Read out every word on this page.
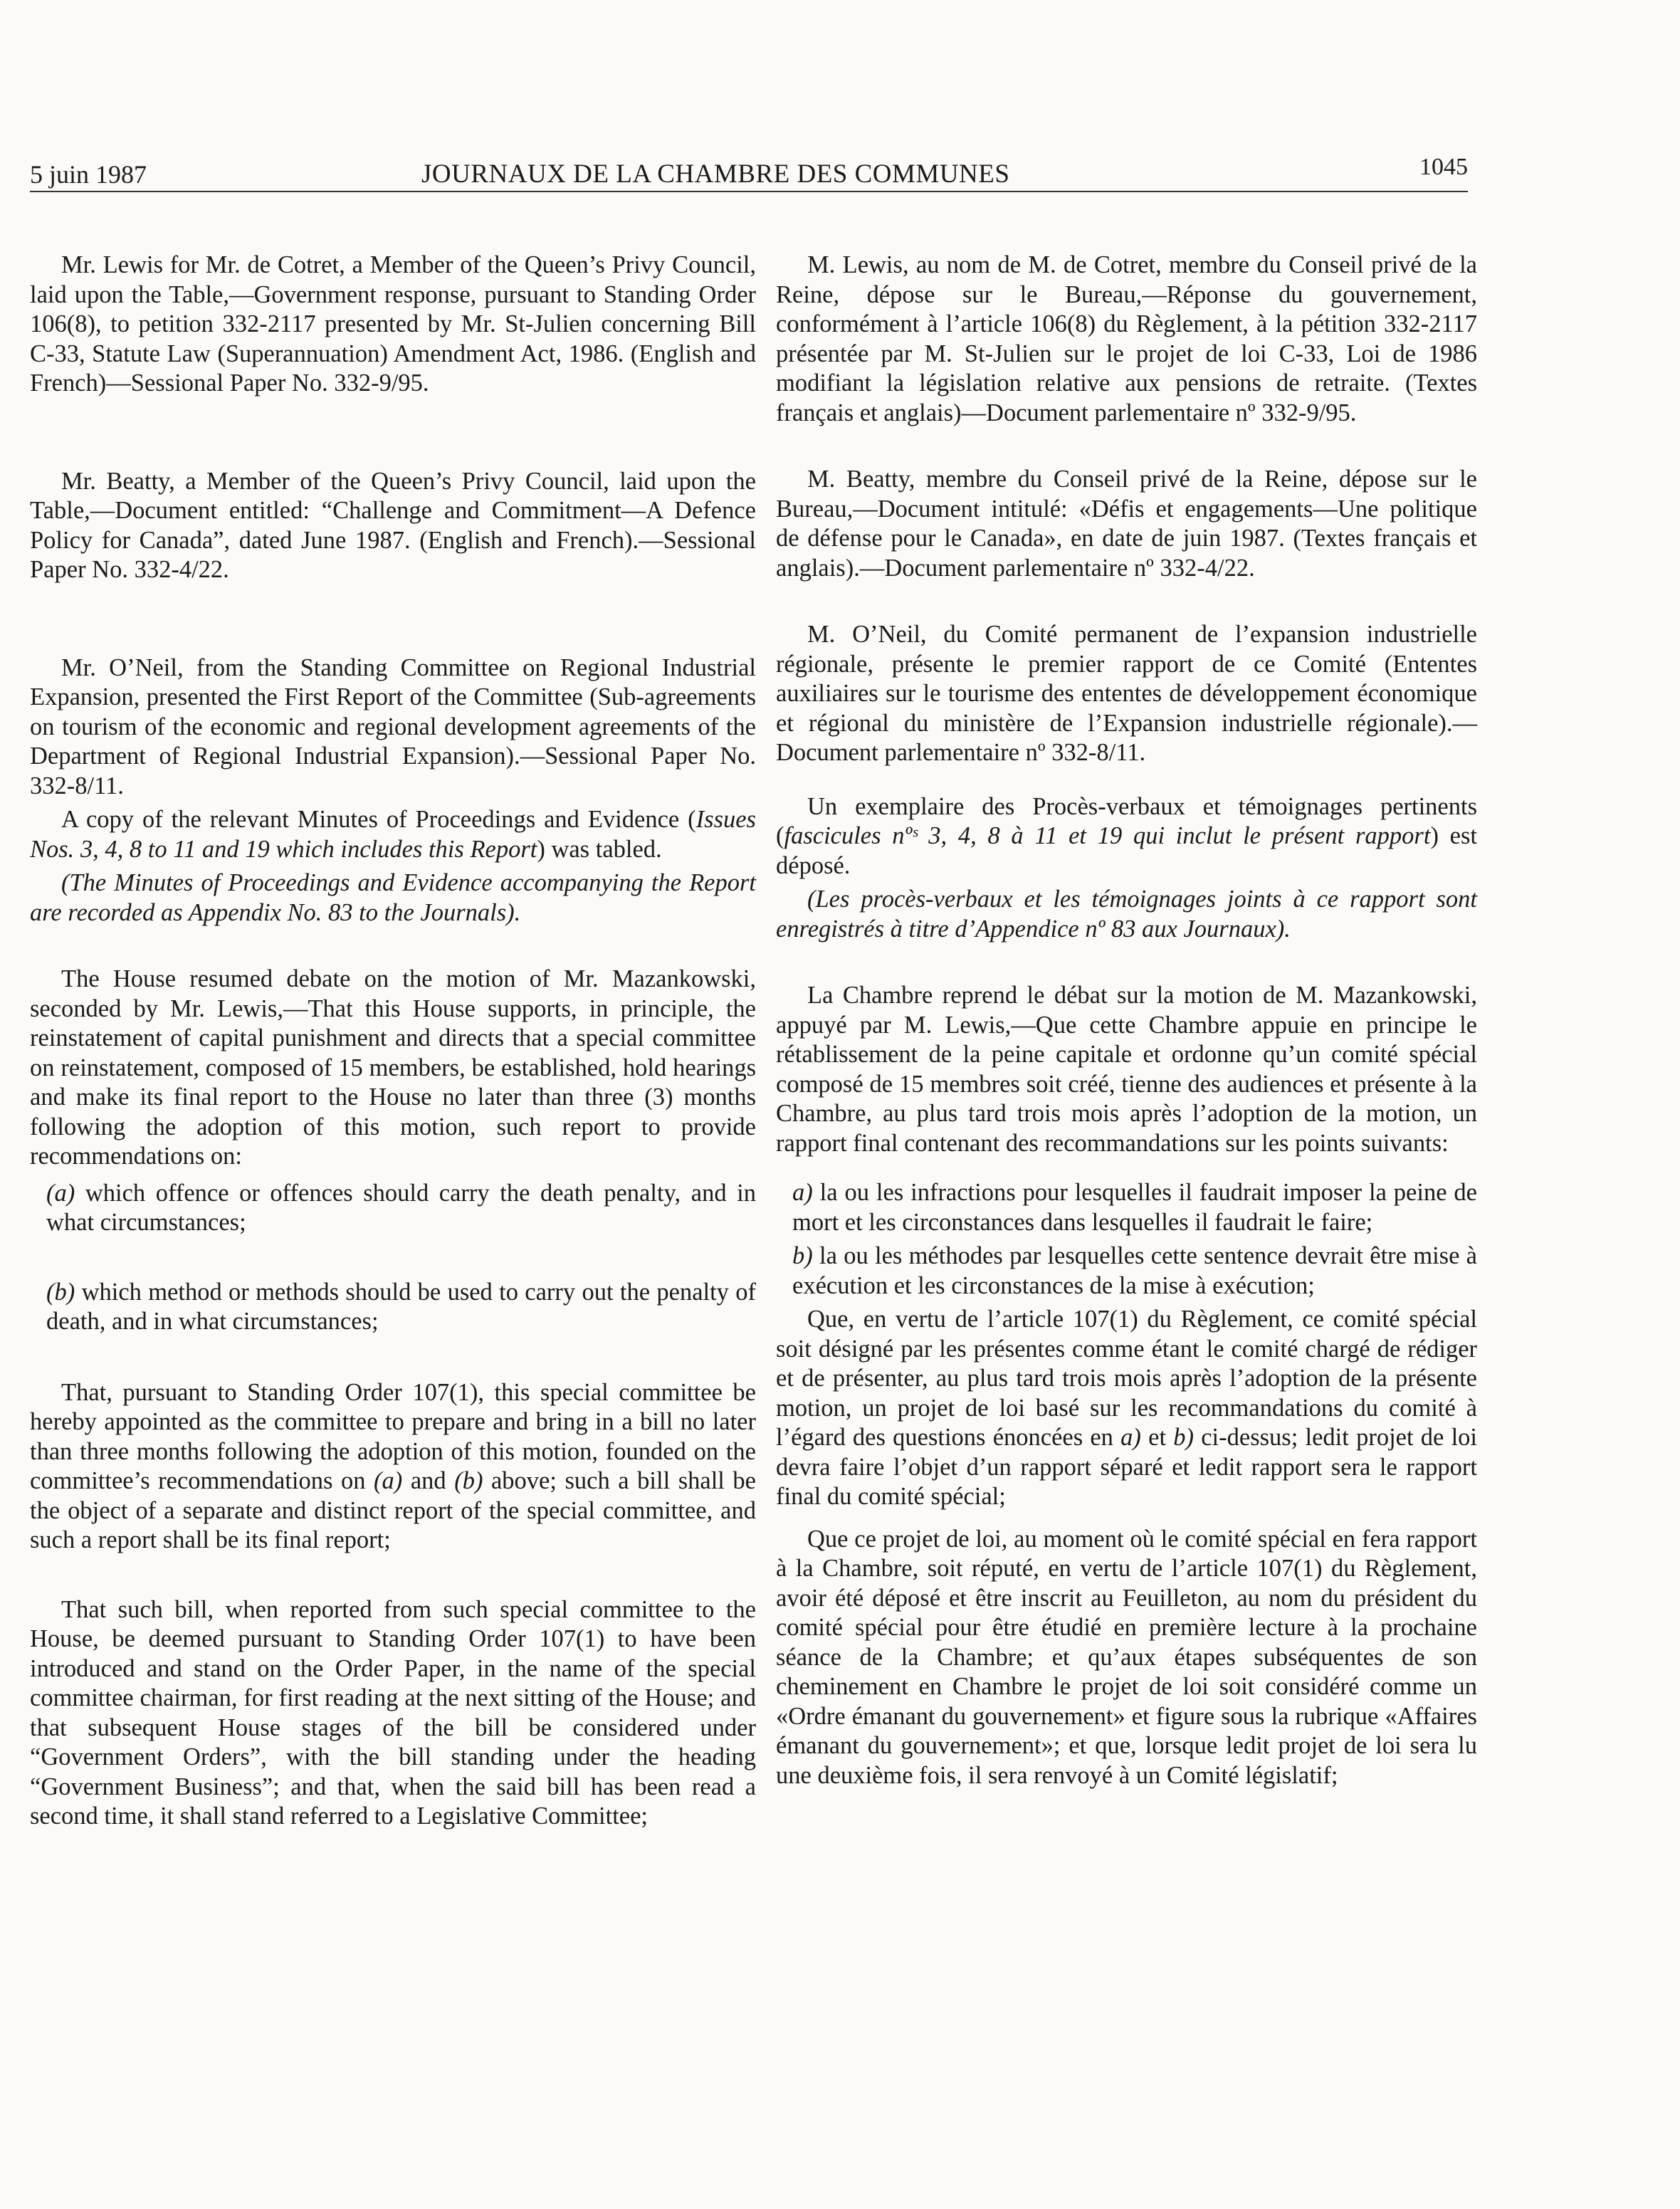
5 juin 1987	JOURNAUX DE LA CHAMBRE DES COMMUNES	1045

Mr. Lewis for Mr. de Cotret, a Member of the Queen’s Privy Council, laid upon the Table,—Government response, pursuant to Standing Order 106(8), to petition 332-2117 presented by Mr. St-Julien concerning Bill C-33, Statute Law (Superannuation) Amendment Act, 1986. (English and French)—Sessional Paper No. 332-9/95.

Mr. Beatty, a Member of the Queen’s Privy Council, laid upon the Table,—Document entitled: “Challenge and Commitment—A Defence Policy for Canada”, dated June 1987. (English and French).—Sessional Paper No. 332-4/22.

Mr. O’Neil, from the Standing Committee on Regional Industrial Expansion, presented the First Report of the Committee (Sub-agreements on tourism of the economic and regional development agreements of the Department of Regional Industrial Expansion).—Sessional Paper No. 332-8/11.

A copy of the relevant Minutes of Proceedings and Evidence (Issues Nos. 3, 4, 8 to 11 and 19 which includes this Report) was tabled.

(The Minutes of Proceedings and Evidence accompanying the Report are recorded as Appendix No. 83 to the Journals).

The House resumed debate on the motion of Mr. Mazankowski, seconded by Mr. Lewis,—That this House supports, in principle, the reinstatement of capital punishment and directs that a special committee on reinstatement, composed of 15 members, be established, hold hearings and make its final report to the House no later than three (3) months following the adoption of this motion, such report to provide recommendations on:

(a) which offence or offences should carry the death penalty, and in what circumstances;

(b) which method or methods should be used to carry out the penalty of death, and in what circumstances;

That, pursuant to Standing Order 107(1), this special committee be hereby appointed as the committee to prepare and bring in a bill no later than three months following the adoption of this motion, founded on the committee’s recommendations on (a) and (b) above; such a bill shall be the object of a separate and distinct report of the special committee, and such a report shall be its final report;

That such bill, when reported from such special committee to the House, be deemed pursuant to Standing Order 107(1) to have been introduced and stand on the Order Paper, in the name of the special committee chairman, for first reading at the next sitting of the House; and that subsequent House stages of the bill be considered under “Government Orders”, with the bill standing under the heading “Government Business”; and that, when the said bill has been read a second time, it shall stand referred to a Legislative Committee;

M. Lewis, au nom de M. de Cotret, membre du Conseil privé de la Reine, dépose sur le Bureau,—Réponse du gouvernement, conformément à l’article 106(8) du Règlement, à la pétition 332-2117 présentée par M. St-Julien sur le projet de loi C-33, Loi de 1986 modifiant la législation relative aux pensions de retraite. (Textes français et anglais)—Document parlementaire nº 332-9/95.

M. Beatty, membre du Conseil privé de la Reine, dépose sur le Bureau,—Document intitulé: «Défis et engagements—Une politique de défense pour le Canada», en date de juin 1987. (Textes français et anglais).—Document parlementaire nº 332-4/22.

M. O’Neil, du Comité permanent de l’expansion industrielle régionale, présente le premier rapport de ce Comité (Ententes auxiliaires sur le tourisme des ententes de développement économique et régional du ministère de l’Expansion industrielle régionale).—Document parlementaire nº 332-8/11.

Un exemplaire des Procès-verbaux et témoignages pertinents (fascicules nºˢ 3, 4, 8 à 11 et 19 qui inclut le présent rapport) est déposé.

(Les procès-verbaux et les témoignages joints à ce rapport sont enregistrés à titre d’Appendice nº 83 aux Journaux).

La Chambre reprend le débat sur la motion de M. Mazankowski, appuyé par M. Lewis,—Que cette Chambre appuie en principe le rétablissement de la peine capitale et ordonne qu’un comité spécial composé de 15 membres soit créé, tienne des audiences et présente à la Chambre, au plus tard trois mois après l’adoption de la motion, un rapport final contenant des recommandations sur les points suivants:

a) la ou les infractions pour lesquelles il faudrait imposer la peine de mort et les circonstances dans lesquelles il faudrait le faire;

b) la ou les méthodes par lesquelles cette sentence devrait être mise à exécution et les circonstances de la mise à exécution;

Que, en vertu de l’article 107(1) du Règlement, ce comité spécial soit désigné par les présentes comme étant le comité chargé de rédiger et de présenter, au plus tard trois mois après l’adoption de la présente motion, un projet de loi basé sur les recommandations du comité à l’égard des questions énoncées en a) et b) ci-dessus; ledit projet de loi devra faire l’objet d’un rapport séparé et ledit rapport sera le rapport final du comité spécial;

Que ce projet de loi, au moment où le comité spécial en fera rapport à la Chambre, soit réputé, en vertu de l’article 107(1) du Règlement, avoir été déposé et être inscrit au Feuilleton, au nom du président du comité spécial pour être étudié en première lecture à la prochaine séance de la Chambre; et qu’aux étapes subséquentes de son cheminement en Chambre le projet de loi soit considéré comme un «Ordre émanant du gouvernement» et figure sous la rubrique «Affaires émanant du gouvernement»; et que, lorsque ledit projet de loi sera lu une deuxième fois, il sera renvoyé à un Comité législatif;
